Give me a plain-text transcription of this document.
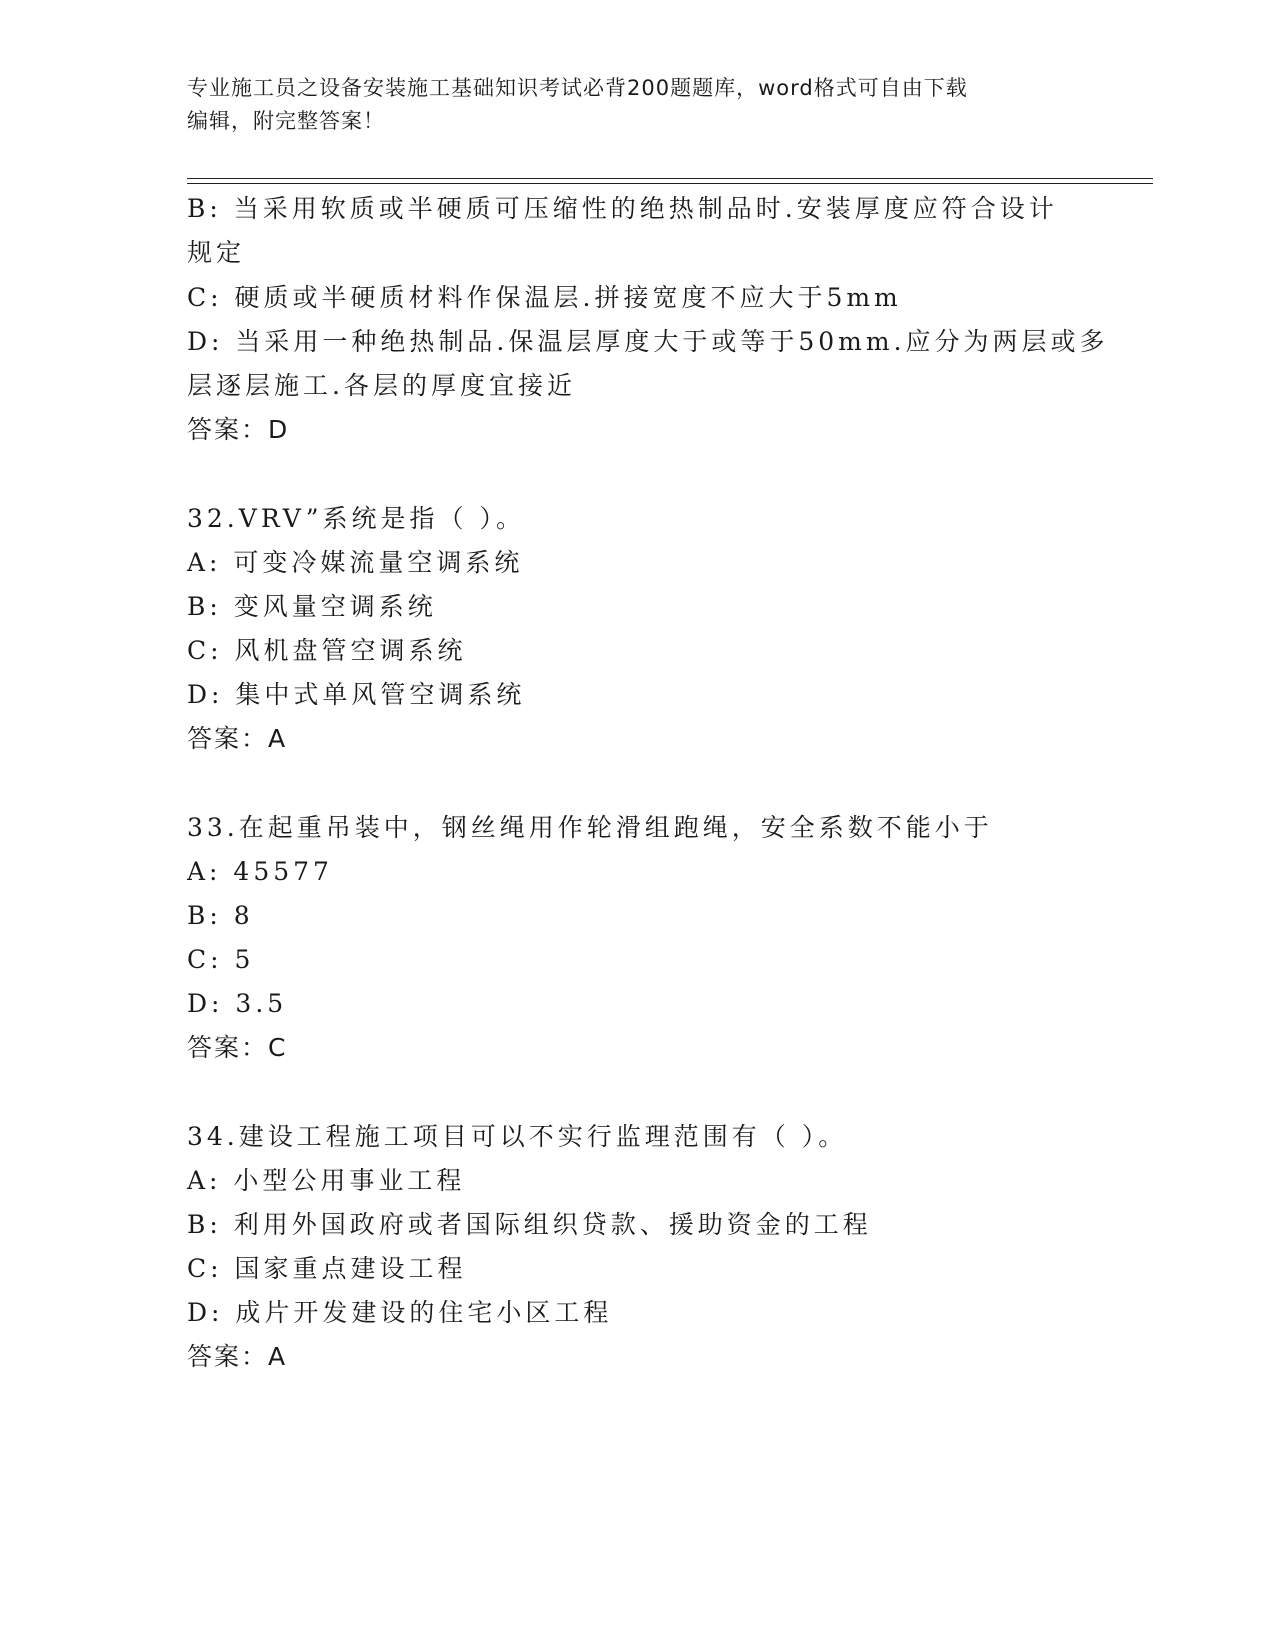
专业施工员之设备安装施工基础知识考试必背200题题库，word格式可自由下载
编辑，附完整答案！
B: 当采用软质或半硬质可压缩性的绝热制品时.安装厚度应符合设计
规定
C: 硬质或半硬质材料作保温层.拼接宽度不应大于5mm
D: 当采用一种绝热制品.保温层厚度大于或等于50mm.应分为两层或多
层逐层施工.各层的厚度宜接近
答案：D
32.VRV”系统是指（ ）。
A: 可变冷媒流量空调系统
B: 变风量空调系统
C: 风机盘管空调系统
D: 集中式单风管空调系统
答案：A
33.在起重吊装中，钢丝绳用作轮滑组跑绳，安全系数不能小于
A: 45577
B: 8
C: 5
D: 3.5
答案：C
34.建设工程施工项目可以不实行监理范围有（ ）。
A: 小型公用事业工程
B: 利用外国政府或者国际组织贷款、援助资金的工程
C: 国家重点建设工程
D: 成片开发建设的住宅小区工程
答案：A
